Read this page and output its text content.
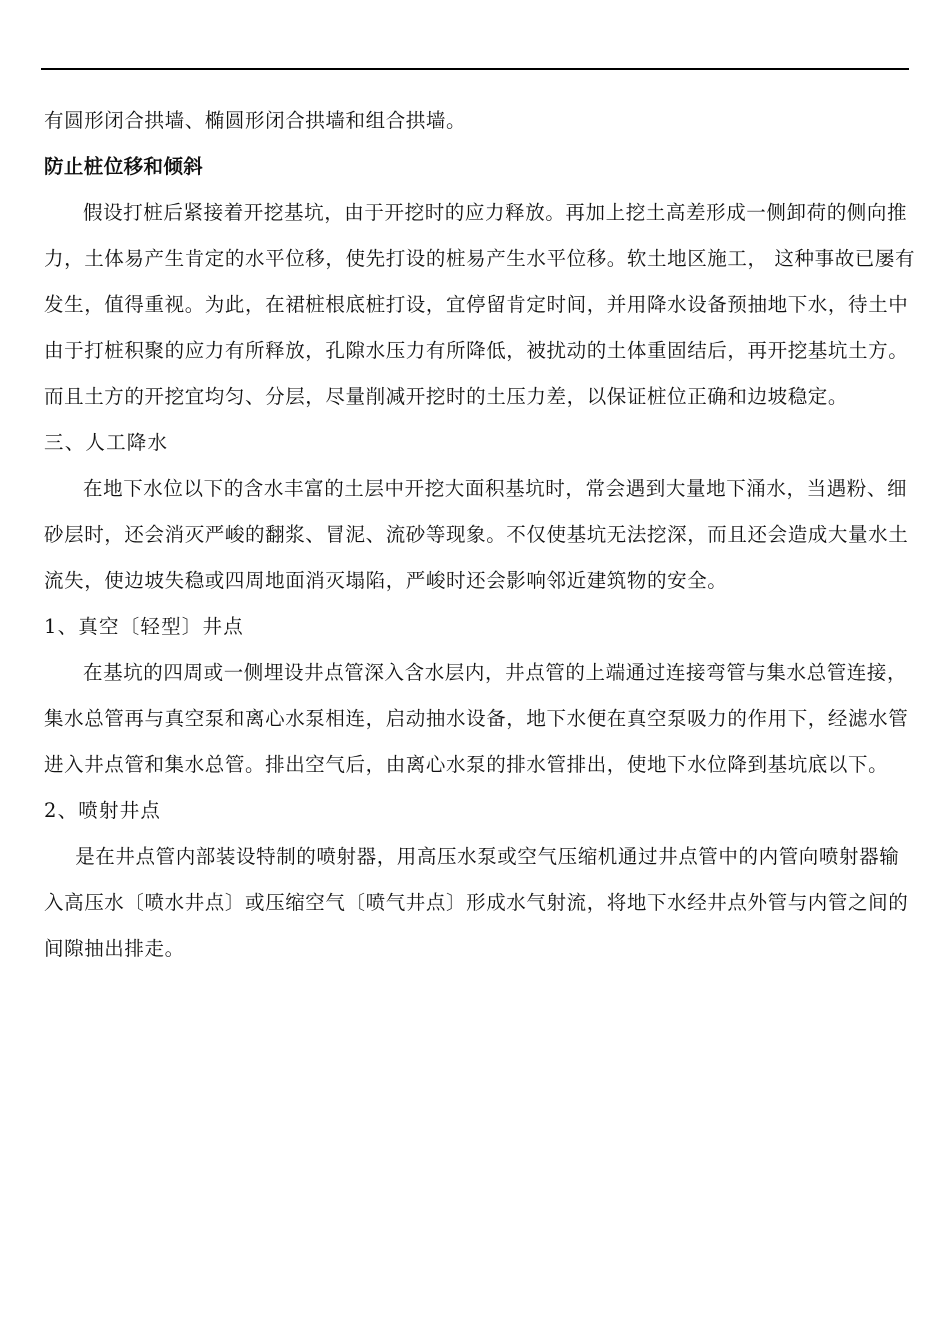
有圆形闭合拱墙、椭圆形闭合拱墙和组合拱墙。

防止桩位移和倾斜

假设打桩后紧接着开挖基坑，由于开挖时的应力释放。再加上挖土高差形成一侧卸荷的侧向推力，土体易产生肯定的水平位移，使先打设的桩易产生水平位移。软土地区施工， 这种事故已屡有发生，值得重视。为此，在裙桩根底桩打设，宜停留肯定时间，并用降水设备预抽地下水，待土中由于打桩积聚的应力有所释放，孔隙水压力有所降低，被扰动的土体重固结后，再开挖基坑土方。而且土方的开挖宜均匀、分层，尽量削减开挖时的土压力差，以保证桩位正确和边坡稳定。

三、人工降水

在地下水位以下的含水丰富的土层中开挖大面积基坑时，常会遇到大量地下涌水，当遇粉、细砂层时，还会消灭严峻的翻浆、冒泥、流砂等现象。不仅使基坑无法挖深，而且还会造成大量水土流失，使边坡失稳或四周地面消灭塌陷，严峻时还会影响邻近建筑物的安全。

1、真空〔轻型〕井点

在基坑的四周或一侧埋设井点管深入含水层内，井点管的上端通过连接弯管与集水总管连接，集水总管再与真空泵和离心水泵相连，启动抽水设备，地下水便在真空泵吸力的作用下，经滤水管进入井点管和集水总管。排出空气后，由离心水泵的排水管排出，使地下水位降到基坑底以下。

2、喷射井点

是在井点管内部装设特制的喷射器，用高压水泵或空气压缩机通过井点管中的内管向喷射器输入高压水〔喷水井点〕或压缩空气〔喷气井点〕形成水气射流，将地下水经井点外管与内管之间的间隙抽出排走。
